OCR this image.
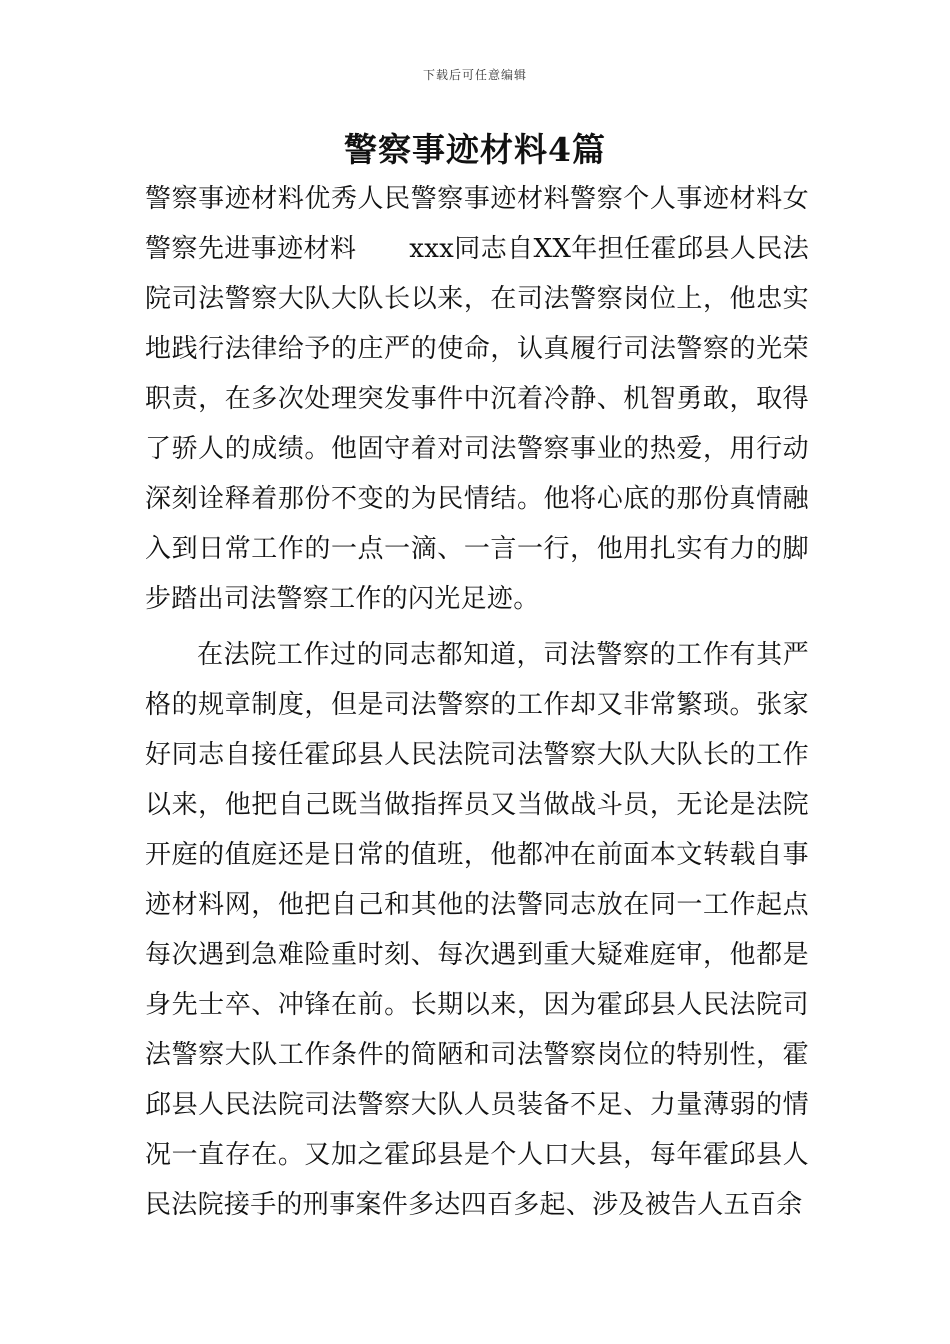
下载后可任意编辑
警察事迹材料4篇

警察事迹材料优秀人民警察事迹材料警察个人事迹材料女警察先进事迹材料　　xxx同志自XX年担任霍邱县人民法院司法警察大队大队长以来，在司法警察岗位上，他忠实地践行法律给予的庄严的使命，认真履行司法警察的光荣职责，在多次处理突发事件中沉着冷静、机智勇敢，取得了骄人的成绩。他固守着对司法警察事业的热爱，用行动深刻诠释着那份不变的为民情结。他将心底的那份真情融入到日常工作的一点一滴、一言一行，他用扎实有力的脚步踏出司法警察工作的闪光足迹。

在法院工作过的同志都知道，司法警察的工作有其严格的规章制度，但是司法警察的工作却又非常繁琐。张家好同志自接任霍邱县人民法院司法警察大队大队长的工作以来，他把自己既当做指挥员又当做战斗员，无论是法院开庭的值庭还是日常的值班，他都冲在前面本文转载自事迹材料网，他把自己和其他的法警同志放在同一工作起点每次遇到急难险重时刻、每次遇到重大疑难庭审，他都是身先士卒、冲锋在前。长期以来，因为霍邱县人民法院司法警察大队工作条件的简陋和司法警察岗位的特别性，霍邱县人民法院司法警察大队人员装备不足、力量薄弱的情况一直存在。又加之霍邱县是个人口大县，每年霍邱县人民法院接手的刑事案件多达四百多起、涉及被告人五百余
